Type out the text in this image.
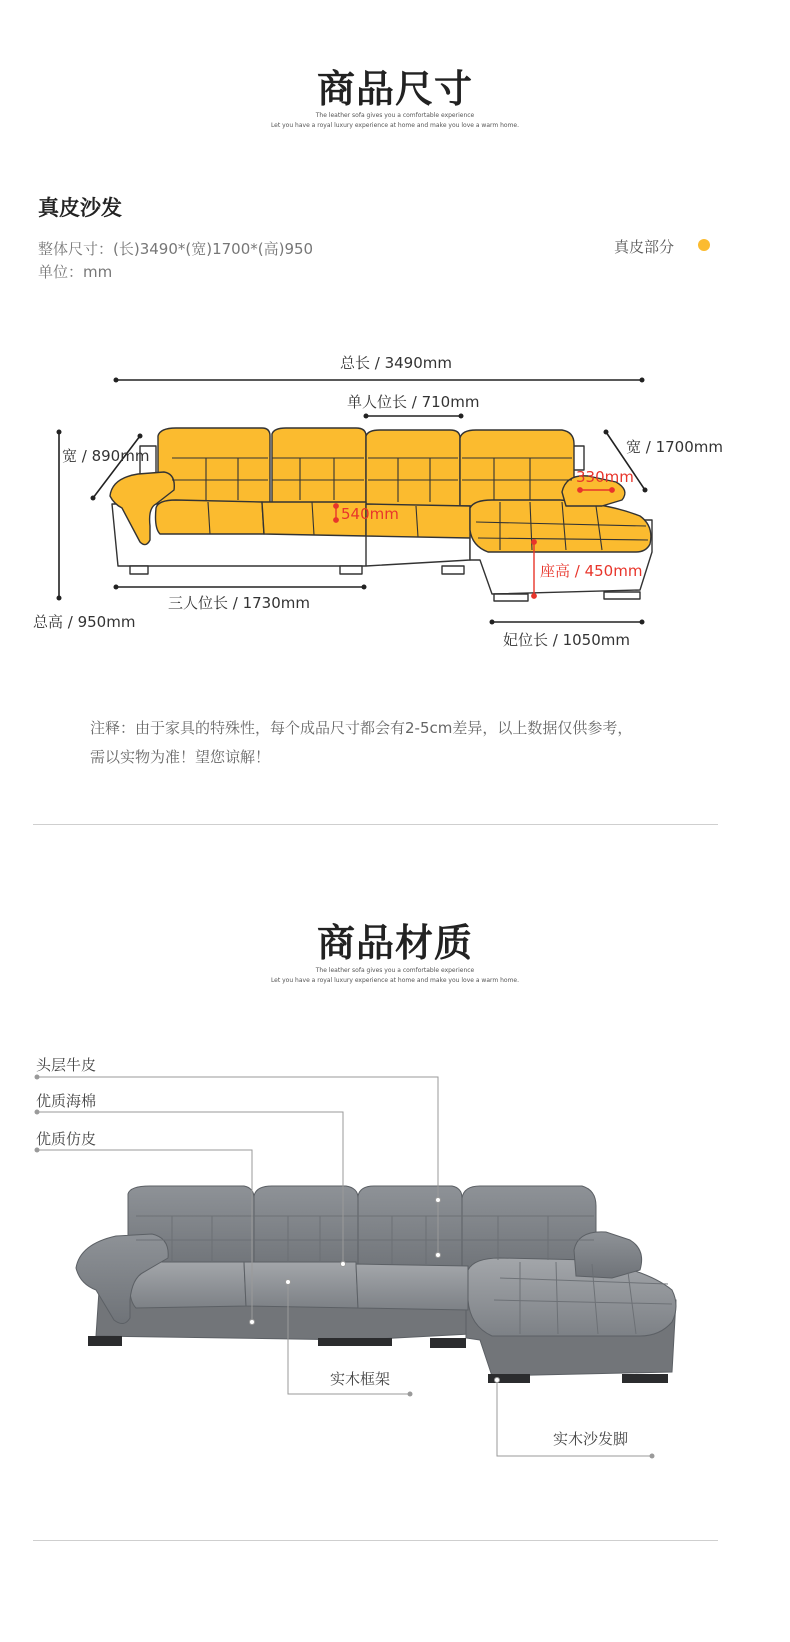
商品尺寸
The leather sofa gives you a comfortable experience
Let you have a royal luxury experience at home and make you love a warm home.
真皮沙发
整体尺寸：(长)3490*(宽)1700*(高)950
单位：mm
真皮部分
总长 / 3490mm
单人位长 / 710mm
宽 / 890mm	宽 / 1700mm
330mm
540mm
座高 / 450mm
三人位长 / 1730mm
总高 / 950mm
妃位长 / 1050mm
注释：由于家具的特殊性，每个成品尺寸都会有2-5cm差异，以上数据仅供参考，
需以实物为准！望您谅解！
商品材质
The leather sofa gives you a comfortable experience
Let you have a royal luxury experience at home and make you love a warm home.
头层牛皮
优质海棉
优质仿皮
实木框架
实木沙发脚
